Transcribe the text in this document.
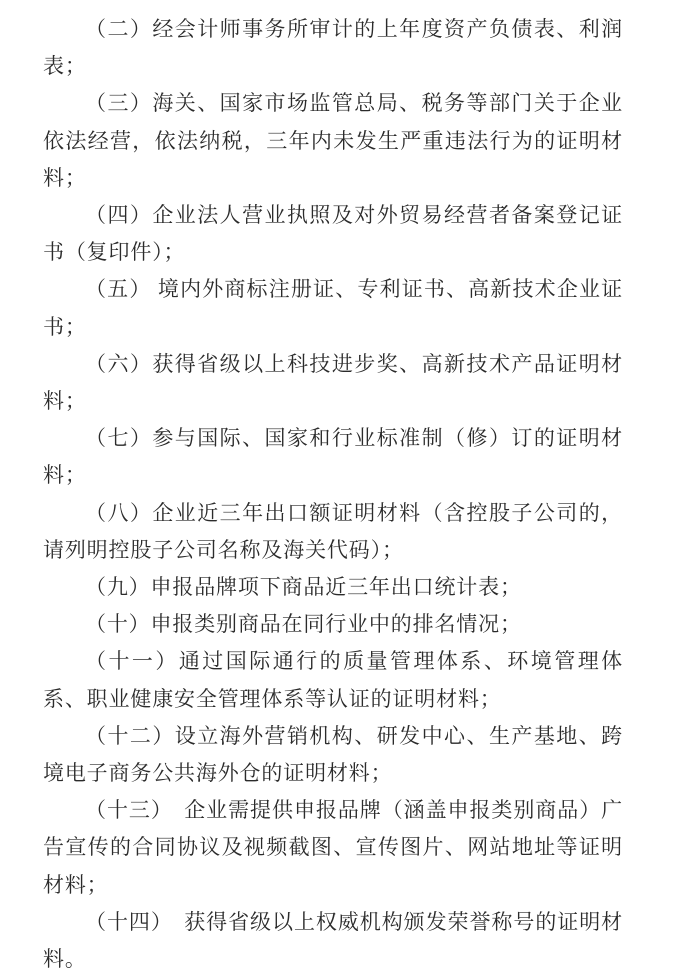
（二）经会计师事务所审计的上年度资产负债表、利润表；

（三）海关、国家市场监管总局、税务等部门关于企业依法经营，依法纳税，三年内未发生严重违法行为的证明材料；

（四）企业法人营业执照及对外贸易经营者备案登记证书（复印件）；

（五） 境内外商标注册证、专利证书、高新技术企业证书；

（六）获得省级以上科技进步奖、高新技术产品证明材料；

（七）参与国际、国家和行业标准制（修）订的证明材料；

（八）企业近三年出口额证明材料（含控股子公司的，请列明控股子公司名称及海关代码）；

（九）申报品牌项下商品近三年出口统计表；

（十）申报类别商品在同行业中的排名情况；

（十一）通过国际通行的质量管理体系、环境管理体系、职业健康安全管理体系等认证的证明材料；

（十二）设立海外营销机构、研发中心、生产基地、跨境电子商务公共海外仓的证明材料；

（十三）　企业需提供申报品牌（涵盖申报类别商品）广告宣传的合同协议及视频截图、宣传图片、网站地址等证明材料；

（十四）　获得省级以上权威机构颁发荣誉称号的证明材料。
